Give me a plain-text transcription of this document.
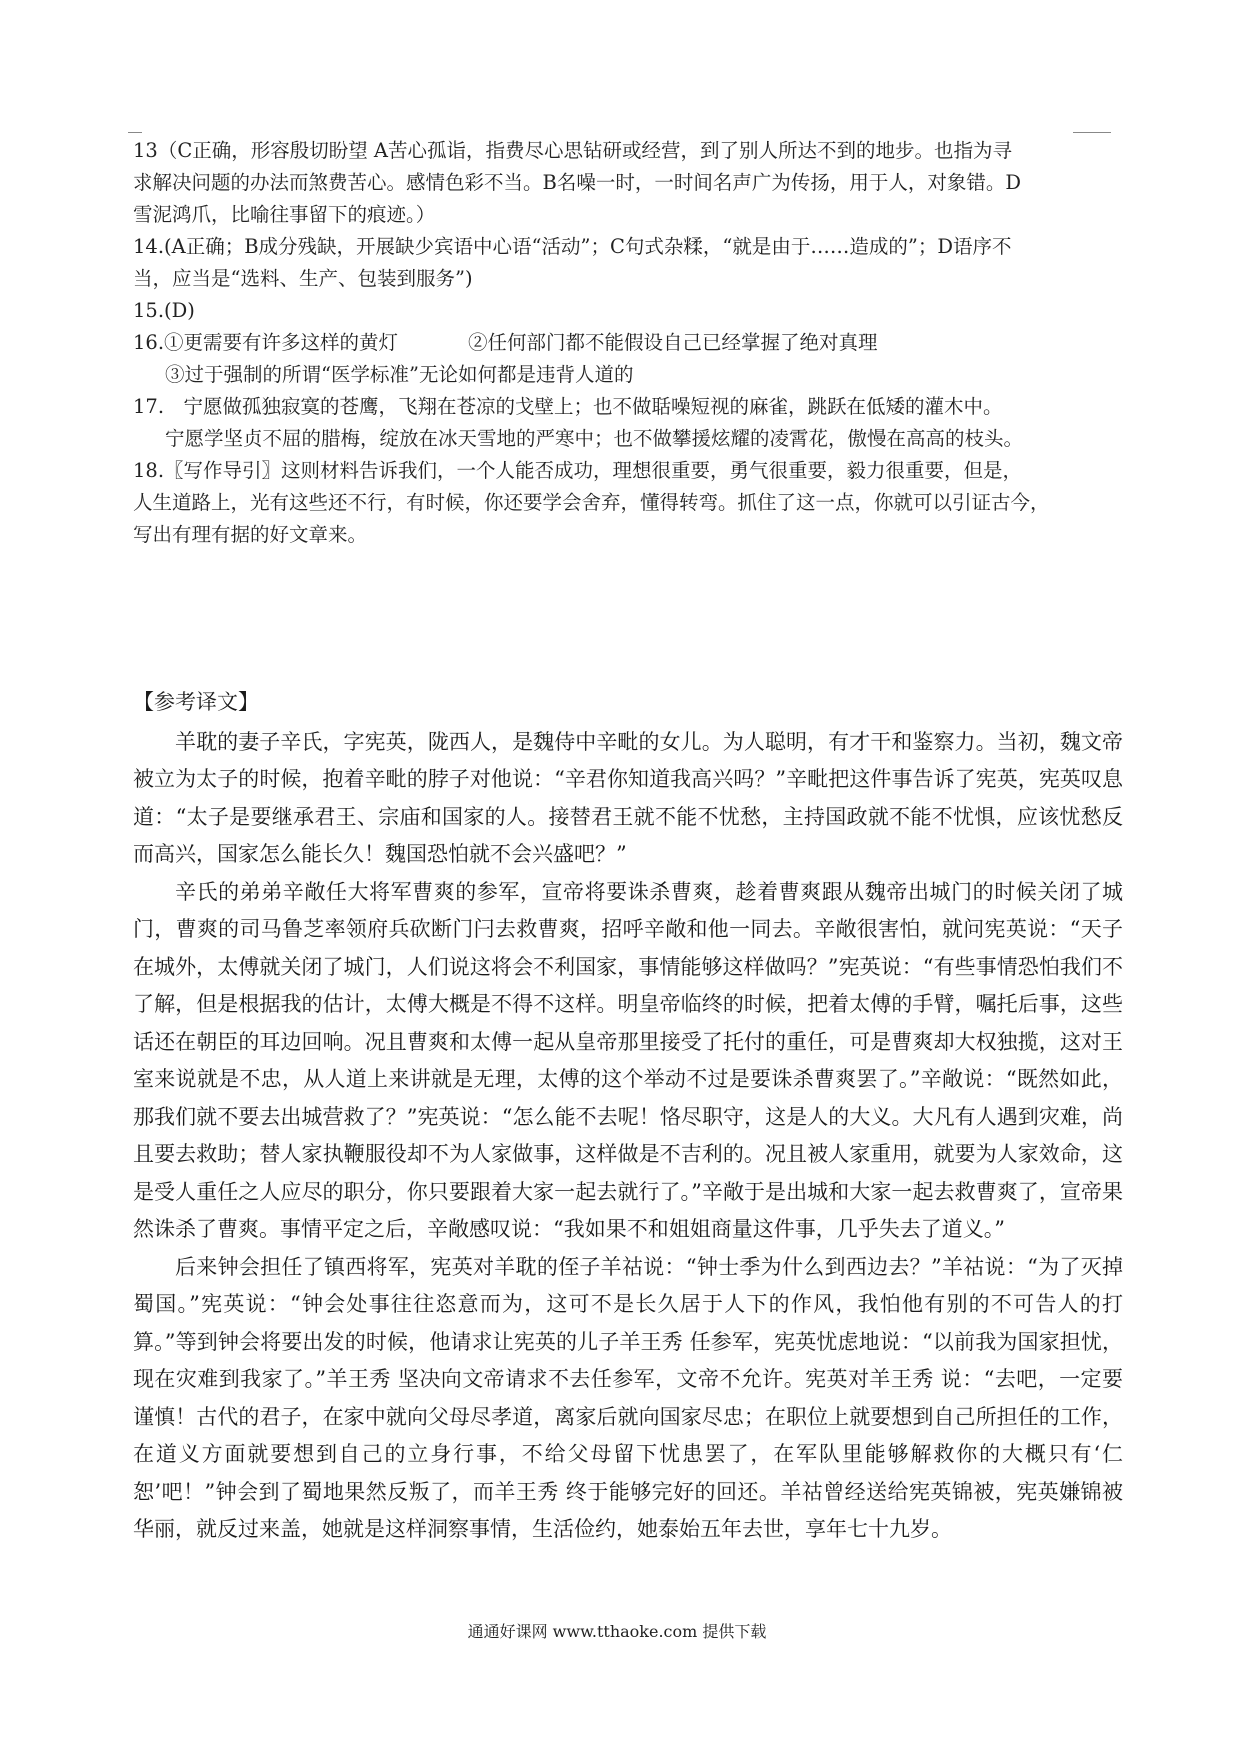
13（C正确，形容殷切盼望 A苦心孤诣，指费尽心思钻研或经营，到了别人所达不到的地步。也指为寻
求解决问题的办法而煞费苦心。感情色彩不当。B名噪一时，一时间名声广为传扬，用于人，对象错。D
雪泥鸿爪，比喻往事留下的痕迹。）
14.(A正确；B成分残缺，开展缺少宾语中心语“活动”；C句式杂糅，“就是由于……造成的”；D语序不
当，应当是“选料、生产、包装到服务”)
15.(D)
16.①更需要有许多这样的黄灯	②任何部门都不能假设自己已经掌握了绝对真理
③过于强制的所谓“医学标准”无论如何都是违背人道的
17.　宁愿做孤独寂寞的苍鹰，飞翔在苍凉的戈壁上；也不做聒噪短视的麻雀，跳跃在低矮的灌木中。
宁愿学坚贞不屈的腊梅，绽放在冰天雪地的严寒中；也不做攀援炫耀的凌霄花，傲慢在高高的枝头。
18.〖写作导引〗这则材料告诉我们，一个人能否成功，理想很重要，勇气很重要，毅力很重要，但是，
人生道路上，光有这些还不行，有时候，你还要学会舍弃，懂得转弯。抓住了这一点，你就可以引证古今，
写出有理有据的好文章来。
【参考译文】

羊耽的妻子辛氏，字宪英，陇西人，是魏侍中辛毗的女儿。为人聪明，有才干和鉴察力。当初，魏文帝被立为太子的时候，抱着辛毗的脖子对他说：“辛君你知道我高兴吗？”辛毗把这件事告诉了宪英，宪英叹息道：“太子是要继承君王、宗庙和国家的人。接替君王就不能不忧愁，主持国政就不能不忧惧，应该忧愁反而高兴，国家怎么能长久！魏国恐怕就不会兴盛吧？”

辛氏的弟弟辛敞任大将军曹爽的参军，宣帝将要诛杀曹爽，趁着曹爽跟从魏帝出城门的时候关闭了城门，曹爽的司马鲁芝率领府兵砍断门闩去救曹爽，招呼辛敞和他一同去。辛敞很害怕，就问宪英说：“天子在城外，太傅就关闭了城门，人们说这将会不利国家，事情能够这样做吗？”宪英说：“有些事情恐怕我们不了解，但是根据我的估计，太傅大概是不得不这样。明皇帝临终的时候，把着太傅的手臂，嘱托后事，这些话还在朝臣的耳边回响。况且曹爽和太傅一起从皇帝那里接受了托付的重任，可是曹爽却大权独揽，这对王室来说就是不忠，从人道上来讲就是无理，太傅的这个举动不过是要诛杀曹爽罢了。”辛敞说：“既然如此，那我们就不要去出城营救了？”宪英说：“怎么能不去呢！恪尽职守，这是人的大义。大凡有人遇到灾难，尚且要去救助；替人家执鞭服役却不为人家做事，这样做是不吉利的。况且被人家重用，就要为人家效命，这是受人重任之人应尽的职分，你只要跟着大家一起去就行了。”辛敞于是出城和大家一起去救曹爽了，宣帝果然诛杀了曹爽。事情平定之后，辛敞感叹说：“我如果不和姐姐商量这件事，几乎失去了道义。”

后来钟会担任了镇西将军，宪英对羊耽的侄子羊祜说：“钟士季为什么到西边去？”羊祜说：“为了灭掉蜀国。”宪英说：“钟会处事往往恣意而为，这可不是长久居于人下的作风，我怕他有别的不可告人的打算。”等到钟会将要出发的时候，他请求让宪英的儿子羊王秀 任参军，宪英忧虑地说：“以前我为国家担忧，现在灾难到我家了。”羊王秀 坚决向文帝请求不去任参军，文帝不允许。宪英对羊王秀 说：“去吧，一定要谨慎！古代的君子，在家中就向父母尽孝道，离家后就向国家尽忠；在职位上就要想到自己所担任的工作，在道义方面就要想到自己的立身行事，不给父母留下忧患罢了，在军队里能够解救你的大概只有‘仁恕’吧！”钟会到了蜀地果然反叛了，而羊王秀 终于能够完好的回还。羊祜曾经送给宪英锦被，宪英嫌锦被华丽，就反过来盖，她就是这样洞察事情，生活俭约，她泰始五年去世，享年七十九岁。

通通好课网 www.tthaoke.com 提供下载
